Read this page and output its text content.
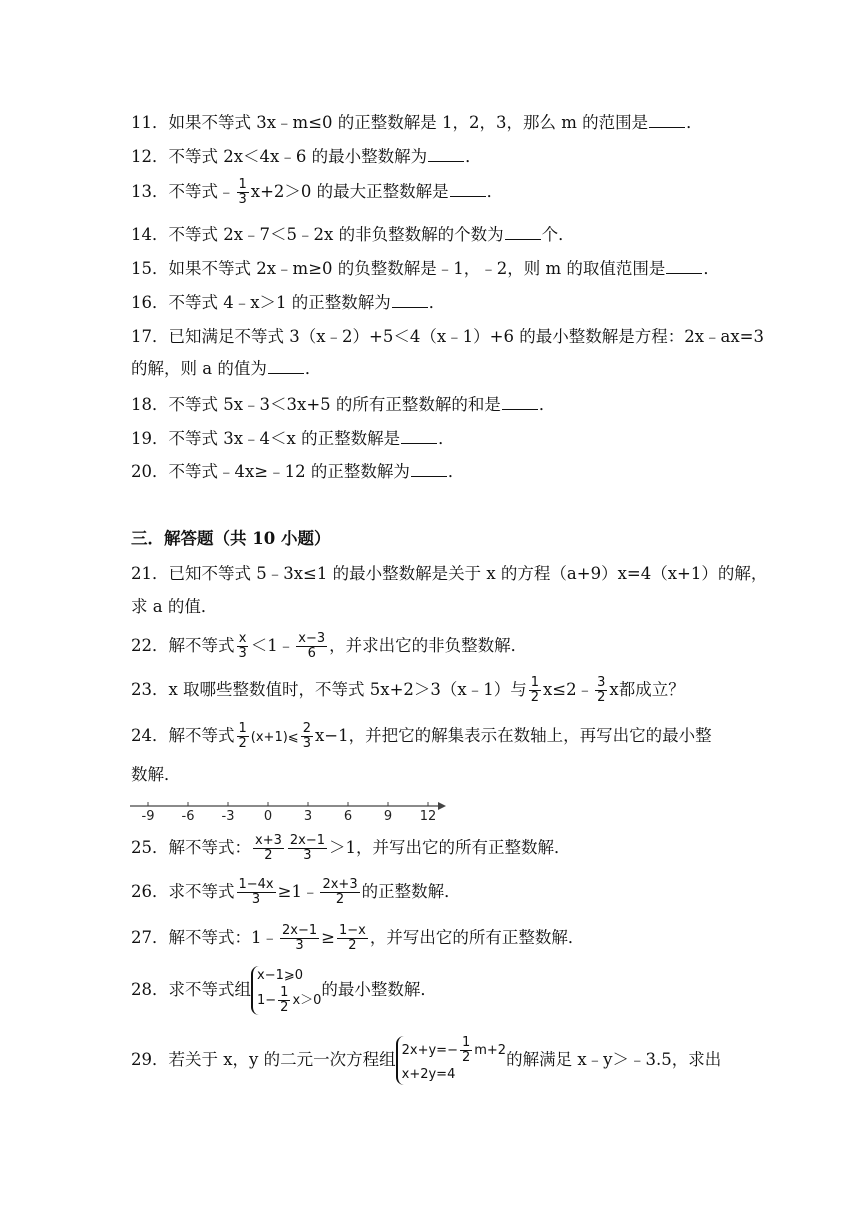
11．如果不等式 3x﹣m≤0 的正整数解是 1，2，3，那么 m 的范围是 ．
12．不等式 2x＜4x﹣6 的最小整数解为 ．
13．不等式﹣ $\frac{1}{3} x+2>0$ 的最大正整数解是 ．
14．不等式 2x﹣7＜5﹣2x 的非负整数解的个数为 个．
15．如果不等式 2x﹣m≥0 的负整数解是﹣1，﹣2，则 m 的取值范围是 ．
16．不等式 4﹣x＞1 的正整数解为 ．
17．已知满足不等式 3（x﹣2）+5＜4（x﹣1）+6 的最小整数解是方程：2x﹣ax=3
的解，则 a 的值为 ．
18．不等式 5x﹣3＜3x+5 的所有正整数解的和是 ．
19．不等式 3x﹣4＜x 的正整数解是 ．
20．不等式﹣4x≥﹣12 的正整数解为 ．
三．解答题（共 10 小题）
21．已知不等式 5﹣3x≤1 的最小整数解是关于 x 的方程（a+9）x=4（x+1）的解，
求 a 的值．
22．解不等式 $\frac{x}{3}$ ＜1﹣ $\frac{x-3}{6}$ ，并求出它的非负整数解．
23．x 取哪些整数值时，不等式 5x+2＞3（x﹣1）与 $\frac{1}{2}$ x≤2﹣ $\frac{3}{2}$ x都成立？
24．解不等式 $\frac{1}{2}$ (x+1)⩽ $\frac{2}{3} x-1$，并把它的解集表示在数轴上，再写出它的最小整
数解．
-9 -6 -3 0 3 6 9 12
25．解不等式： $\frac{x+3}{2} \frac{2x-1}{3} >1$，并写出它的所有正整数解．
26．求不等式 $\frac{1-4x}{3}$ ≥1﹣ $\frac{2x+3}{2}$ 的正整数解．
27．解不等式：1﹣ $\frac{2x-1}{3} \ge \frac{1-x}{2}$ ，并写出它的所有正整数解．
28．求不等式组
x−1⩾0
$1- \frac{1}{2} x>0$
的最小整数解．
29．若关于 x，y 的二元一次方程组 $2x+y=- \frac{1}{2} m+2$
x+2y=4
的解满足 x﹣y＞﹣3.5，求出
